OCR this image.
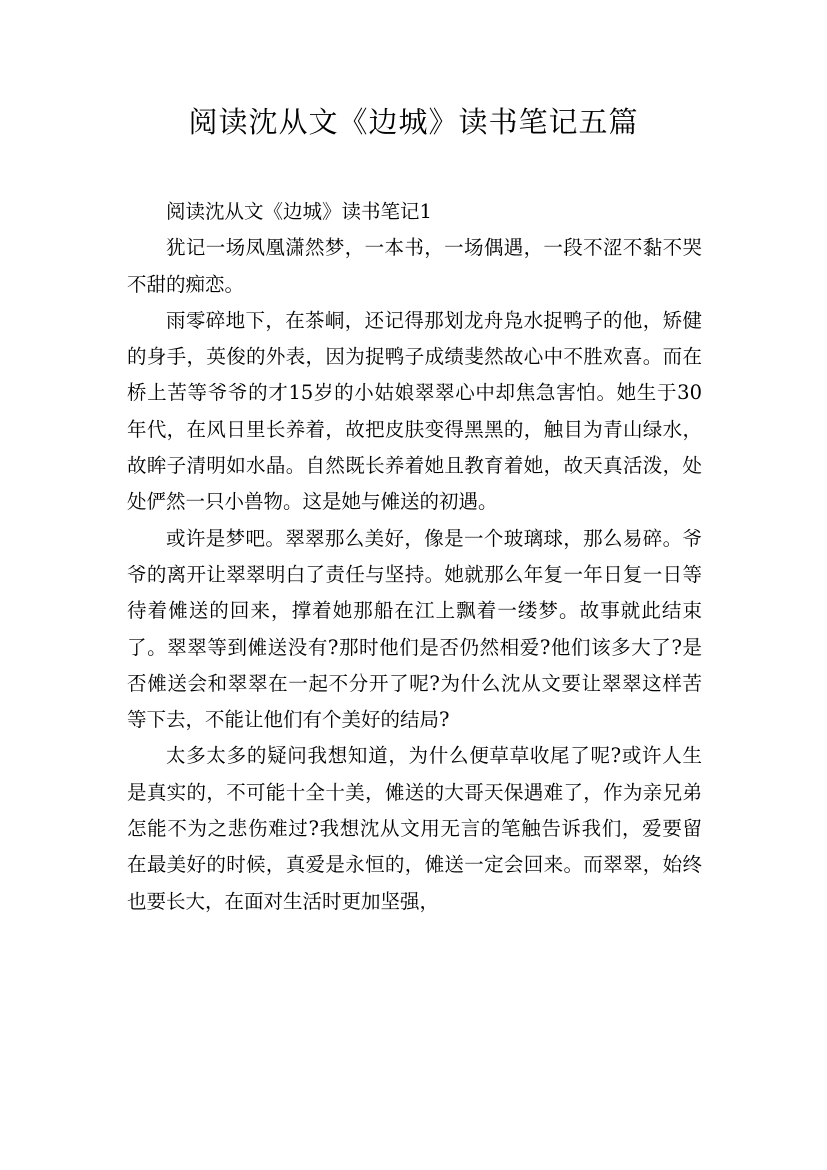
阅读沈从文《边城》读书笔记五篇

阅读沈从文《边城》读书笔记1

犹记一场凤凰潇然梦，一本书，一场偶遇，一段不涩不黏不哭不甜的痴恋。

雨零碎地下，在茶峒，还记得那划龙舟凫水捉鸭子的他，矫健的身手，英俊的外表，因为捉鸭子成绩斐然故心中不胜欢喜。而在桥上苦等爷爷的才15岁的小姑娘翠翠心中却焦急害怕。她生于30年代，在风日里长养着，故把皮肤变得黑黑的，触目为青山绿水，故眸子清明如水晶。自然既长养着她且教育着她，故天真活泼，处处俨然一只小兽物。这是她与傩送的初遇。

或许是梦吧。翠翠那么美好，像是一个玻璃球，那么易碎。爷爷的离开让翠翠明白了责任与坚持。她就那么年复一年日复一日等待着傩送的回来，撑着她那船在江上飘着一缕梦。故事就此结束了。翠翠等到傩送没有?那时他们是否仍然相爱?他们该多大了?是否傩送会和翠翠在一起不分开了呢?为什么沈从文要让翠翠这样苦等下去，不能让他们有个美好的结局?

太多太多的疑问我想知道，为什么便草草收尾了呢?或许人生是真实的，不可能十全十美，傩送的大哥天保遇难了，作为亲兄弟怎能不为之悲伤难过?我想沈从文用无言的笔触告诉我们，爱要留在最美好的时候，真爱是永恒的，傩送一定会回来。而翠翠，始终也要长大，在面对生活时更加坚强，
